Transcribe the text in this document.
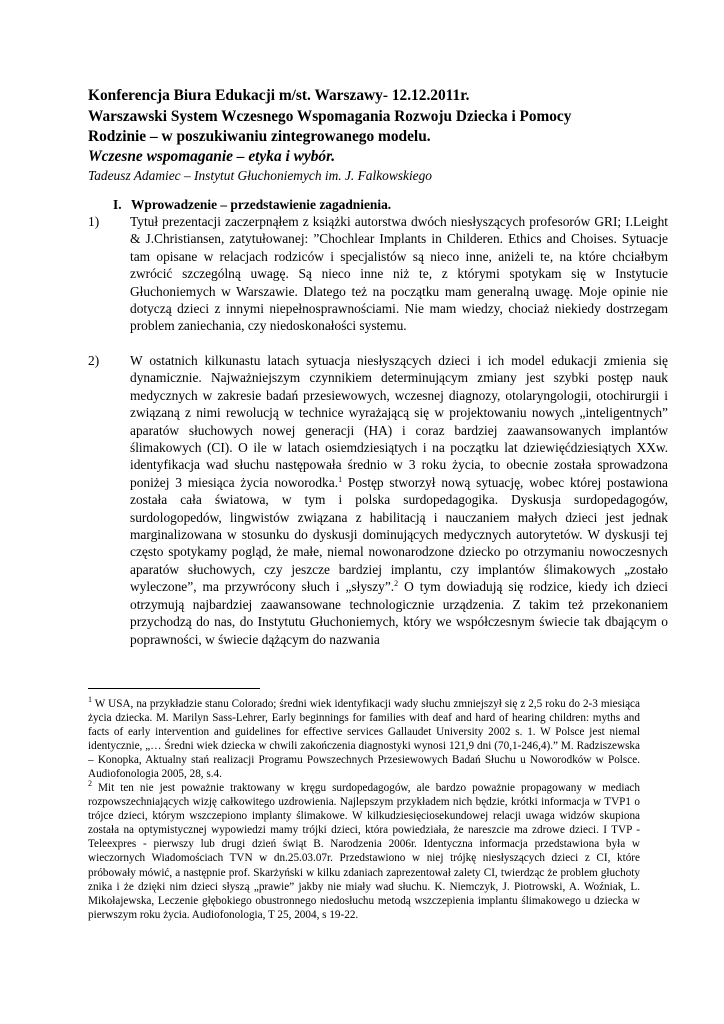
Konferencja Biura Edukacji m/st. Warszawy- 12.12.2011r.
Warszawski System Wczesnego Wspomagania Rozwoju Dziecka i Pomocy
Rodzinie – w poszukiwaniu zintegrowanego modelu.
Wczesne wspomaganie – etyka i wybór.
Tadeusz Adamiec – Instytut Głuchoniemych im. J. Falkowskiego
I. Wprowadzenie – przedstawienie zagadnienia.
1)	Tytuł prezentacji zaczerpnąłem z książki autorstwa dwóch niesłyszących profesorów GRI; I.Leight & J.Christiansen, zatytułowanej: ”Chochlear Implants in Childeren. Ethics and Choises. Sytuacje tam opisane w relacjach rodziców i specjalistów są nieco inne, aniżeli te, na które chciałbym zwrócić szczególną uwagę. Są nieco inne niż te, z którymi spotykam się w Instytucie Głuchoniemych w Warszawie. Dlatego też na początku mam generalną uwagę. Moje opinie nie dotyczą dzieci z innymi niepełnosprawnościami. Nie mam wiedzy, chociaż niekiedy dostrzegam problem zaniechania, czy niedoskonałości systemu.
2)	W ostatnich kilkunastu latach sytuacja niesłyszących dzieci i ich model edukacji zmienia się dynamicznie. Najważniejszym czynnikiem determinującym zmiany jest szybki postęp nauk medycznych w zakresie badań przesiewowych, wczesnej diagnozy, otolaryngologii, otochirurgii i związaną z nimi rewolucją w technice wyrażającą się w projektowaniu nowych „inteligentnych” aparatów słuchowych nowej generacji (HA) i coraz bardziej zaawansowanych implantów ślimakowych (CI). O ile w latach osiemdziesiątych i na początku lat dziewięćdziesiątych XXw. identyfikacja wad słuchu następowała średnio w 3 roku życia, to obecnie została sprowadzona poniżej 3 miesiąca życia noworodka.$^1$ Postęp stworzył nową sytuację, wobec której postawiona została cała światowa, w tym i polska surdopedagogika. Dyskusja surdopedagogów, surdologopedów, lingwistów związana z habilitacją i nauczaniem małych dzieci jest jednak marginalizowana w stosunku do dyskusji dominujących medycznych autorytetów. W dyskusji tej często spotykamy pogląd, że małe, niemal nowonarodzone dziecko po otrzymaniu nowoczesnych aparatów słuchowych, czy jeszcze bardziej implantu, czy implantów ślimakowych „zostało wyleczone”, ma przywrócony słuch i „słyszy”.$^2$ O tym dowiadują się rodzice, kiedy ich dzieci otrzymują najbardziej zaawansowane technologicznie urządzenia. Z takim też przekonaniem przychodzą do nas, do Instytutu Głuchoniemych, który we współczesnym świecie tak dbającym o poprawności, w świecie dążącym do nazwania
$^1$ W USA, na przykładzie stanu Colorado; średni wiek identyfikacji wady słuchu zmniejszył się z 2,5 roku do 2-3 miesiąca życia dziecka. M. Marilyn Sass-Lehrer, Early beginnings for families with deaf and hard of hearing children: myths and facts of early intervention and guidelines for effective services Gallaudet University 2002 s. 1. W Polsce jest niemal identycznie, „… Średni wiek dziecka w chwili zakończenia diagnostyki wynosi 121,9 dni (70,1-246,4).” M. Radziszewska – Konopka, Aktualny stań realizacji Programu Powszechnych Przesiewowych Badań Słuchu u Noworodków w Polsce. Audiofonologia 2005, 28, s.4.
$^2$ Mit ten nie jest poważnie traktowany w kręgu surdopedagogów, ale bardzo poważnie propagowany w mediach rozpowszechniających wizję całkowitego uzdrowienia. Najlepszym przykładem nich będzie, krótki informacja w TVP1 o trójce dzieci, którym wszczepiono implanty ślimakowe. W kilkudziesięciosekundowej relacji uwaga widzów skupiona została na optymistycznej wypowiedzi mamy trójki dzieci, która powiedziała, że nareszcie ma zdrowe dzieci. I TVP -Teleexpres - pierwszy lub drugi dzień świąt B. Narodzenia 2006r. Identyczna informacja przedstawiona była w wieczornych Wiadomościach TVN w dn.25.03.07r. Przedstawiono w niej trójkę niesłyszących dzieci z CI, które próbowały mówić, a następnie prof. Skarżyński w kilku zdaniach zaprezentował zalety CI, twierdząc że problem głuchoty znika i że dzięki nim dzieci słyszą „prawie” jakby nie miały wad słuchu. K. Niemczyk, J. Piotrowski, A. Woźniak, L. Mikołajewska, Leczenie głębokiego obustronnego niedosłuchu metodą wszczepienia implantu ślimakowego u dziecka w pierwszym roku życia. Audiofonologia, T 25, 2004, s 19-22.
